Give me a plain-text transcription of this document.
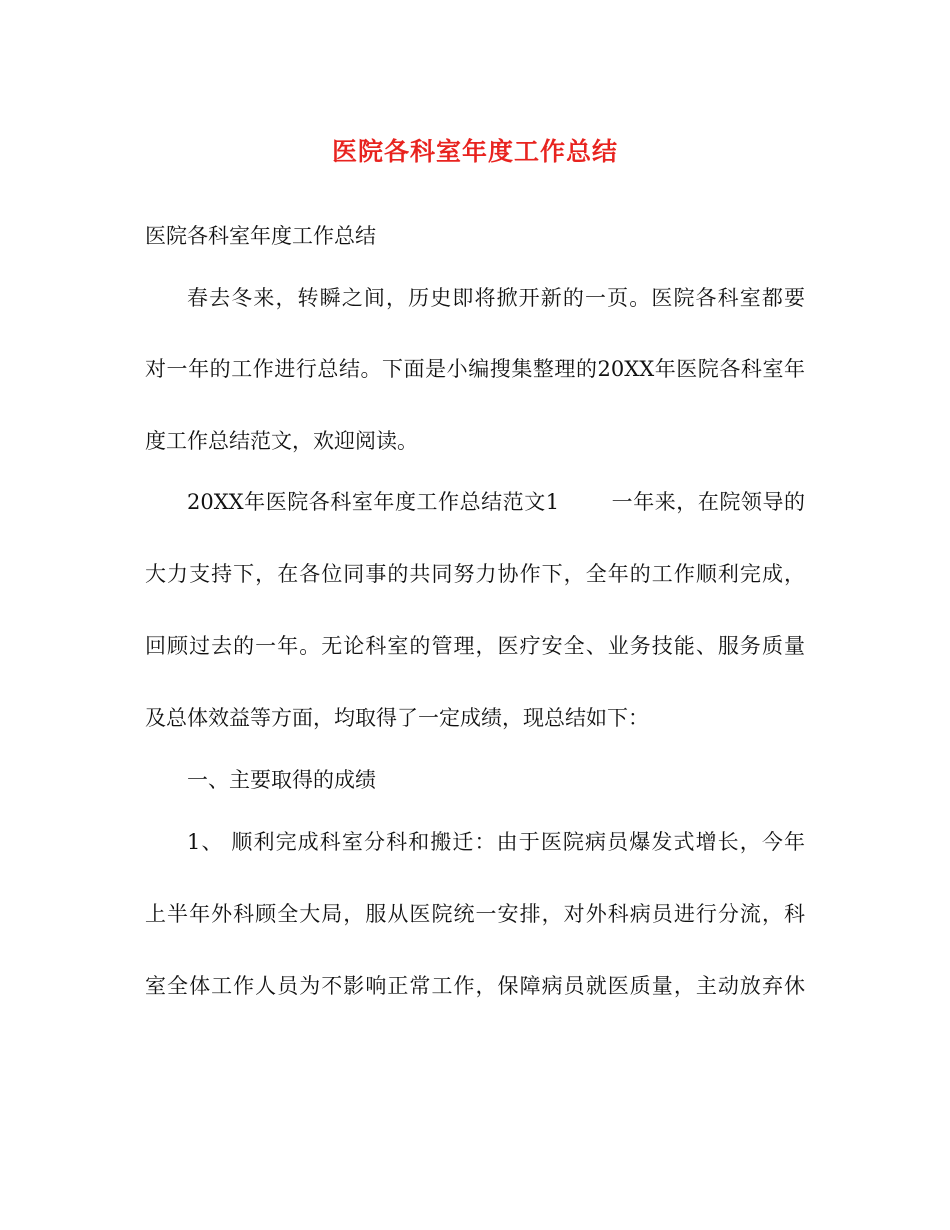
医院各科室年度工作总结
医院各科室年度工作总结
春去冬来，转瞬之间，历史即将掀开新的一页。医院各科室都要
对一年的工作进行总结。下面是小编搜集整理的20XX年医院各科室年
度工作总结范文，欢迎阅读。
20XX年医院各科室年度工作总结范文1 一年来，在院领导的
大力支持下，在各位同事的共同努力协作下，全年的工作顺利完成，
回顾过去的一年。无论科室的管理，医疗安全、业务技能、服务质量
及总体效益等方面，均取得了一定成绩，现总结如下：
一、主要取得的成绩
1、 顺利完成科室分科和搬迁：由于医院病员爆发式增长，今年
上半年外科顾全大局，服从医院统一安排，对外科病员进行分流，科
室全体工作人员为不影响正常工作，保障病员就医质量，主动放弃休
